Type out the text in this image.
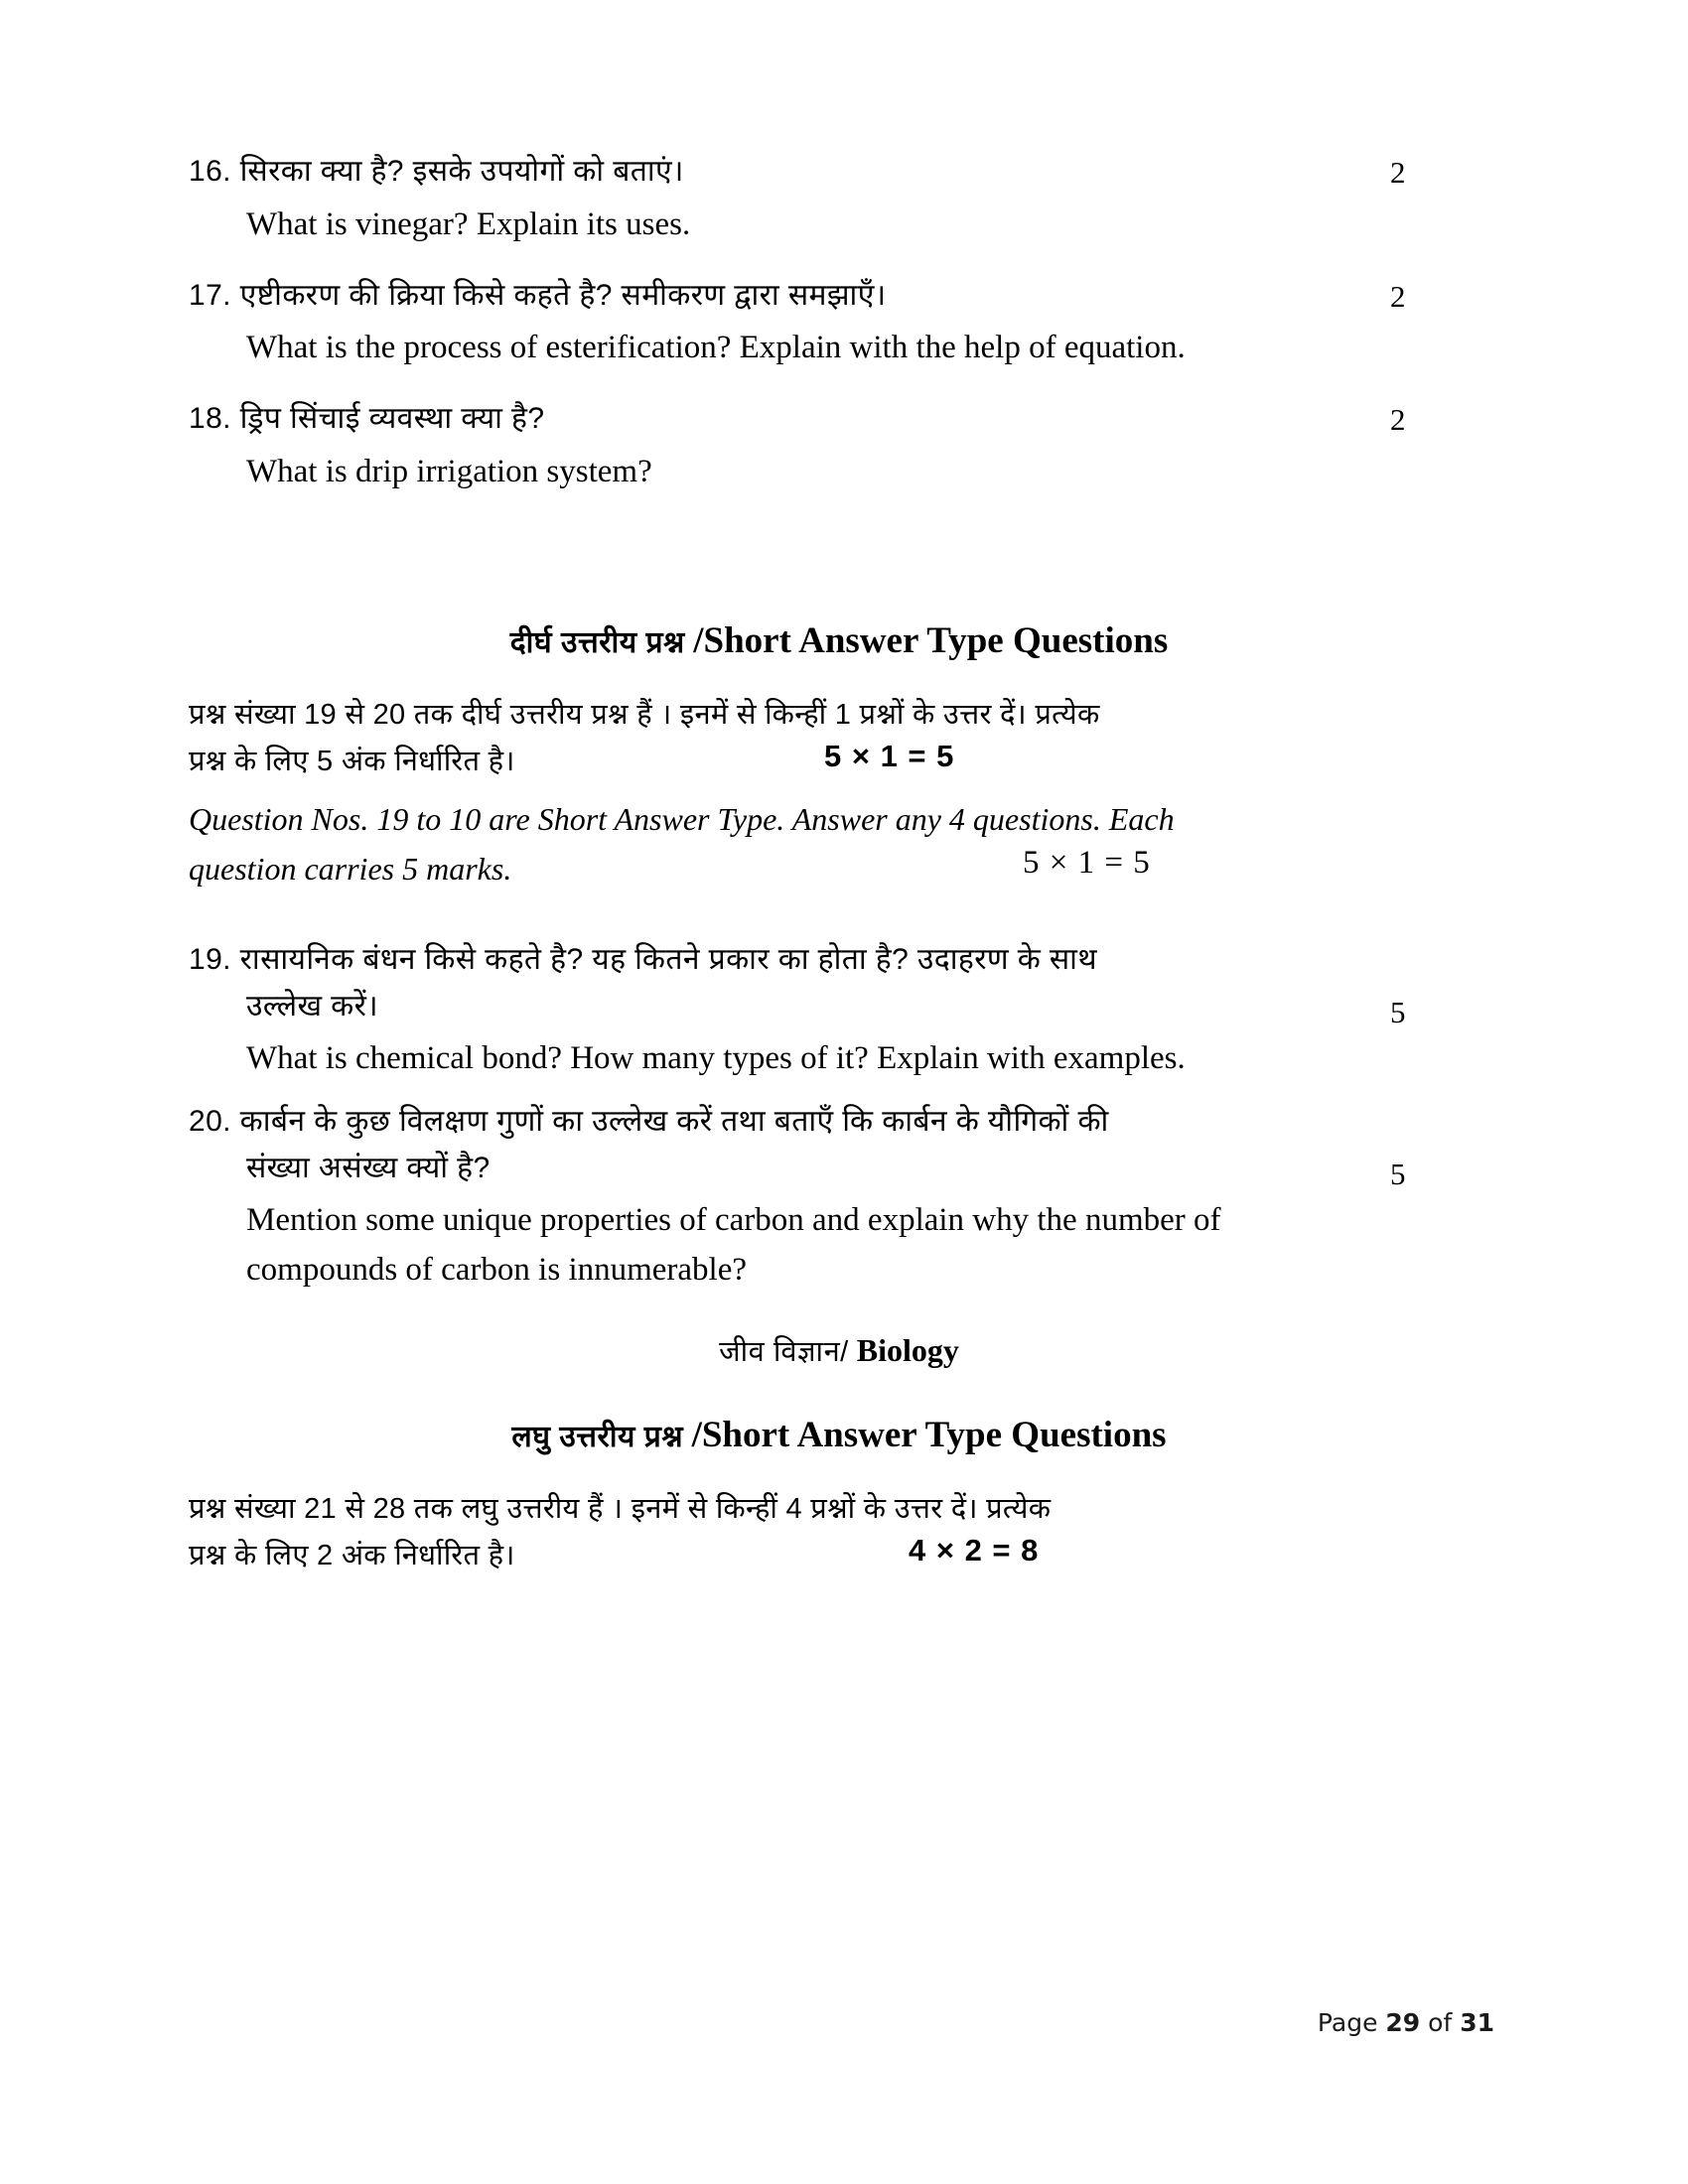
16. सिरका क्या है? इसके उपयोगों को बताएं।	2
What is vinegar? Explain its uses.
17. एष्टीकरण की क्रिया किसे कहते है? समीकरण द्वारा समझाएँ।	2
What is the process of esterification? Explain with the help of equation.
18. ड्रिप सिंचाई व्यवस्था क्या है?	2
What is drip irrigation system?
दीर्घ उत्तरीय प्रश्न /Short Answer Type Questions

प्रश्न संख्या 19 से 20 तक दीर्घ उत्तरीय प्रश्न हैं । इनमें से किन्हीं 1 प्रश्नों के उत्तर दें। प्रत्येक

प्रश्न के लिए 5 अंक निर्धारित है।	5 × 1 = 5

Question Nos. 19 to 10 are Short Answer Type. Answer any 4 questions. Each

question carries 5 marks.	5 × 1 = 5
19. रासायनिक बंधन किसे कहते है? यह कितने प्रकार का होता है? उदाहरण के साथ
उल्लेख करें।	5
What is chemical bond? How many types of it? Explain with examples.
20. कार्बन के कुछ विलक्षण गुणों का उल्लेख करें तथा बताएँ कि कार्बन के यौगिकों की
संख्या असंख्य क्यों है?	5
Mention some unique properties of carbon and explain why the number of
compounds of carbon is innumerable?
जीव विज्ञान/ Biology
लघु उत्तरीय प्रश्न /Short Answer Type Questions

प्रश्न संख्या 21 से 28 तक लघु उत्तरीय हैं । इनमें से किन्हीं 4 प्रश्नों के उत्तर दें। प्रत्येक

प्रश्न के लिए 2 अंक निर्धारित है।	4 × 2 = 8
Page 29 of 31
